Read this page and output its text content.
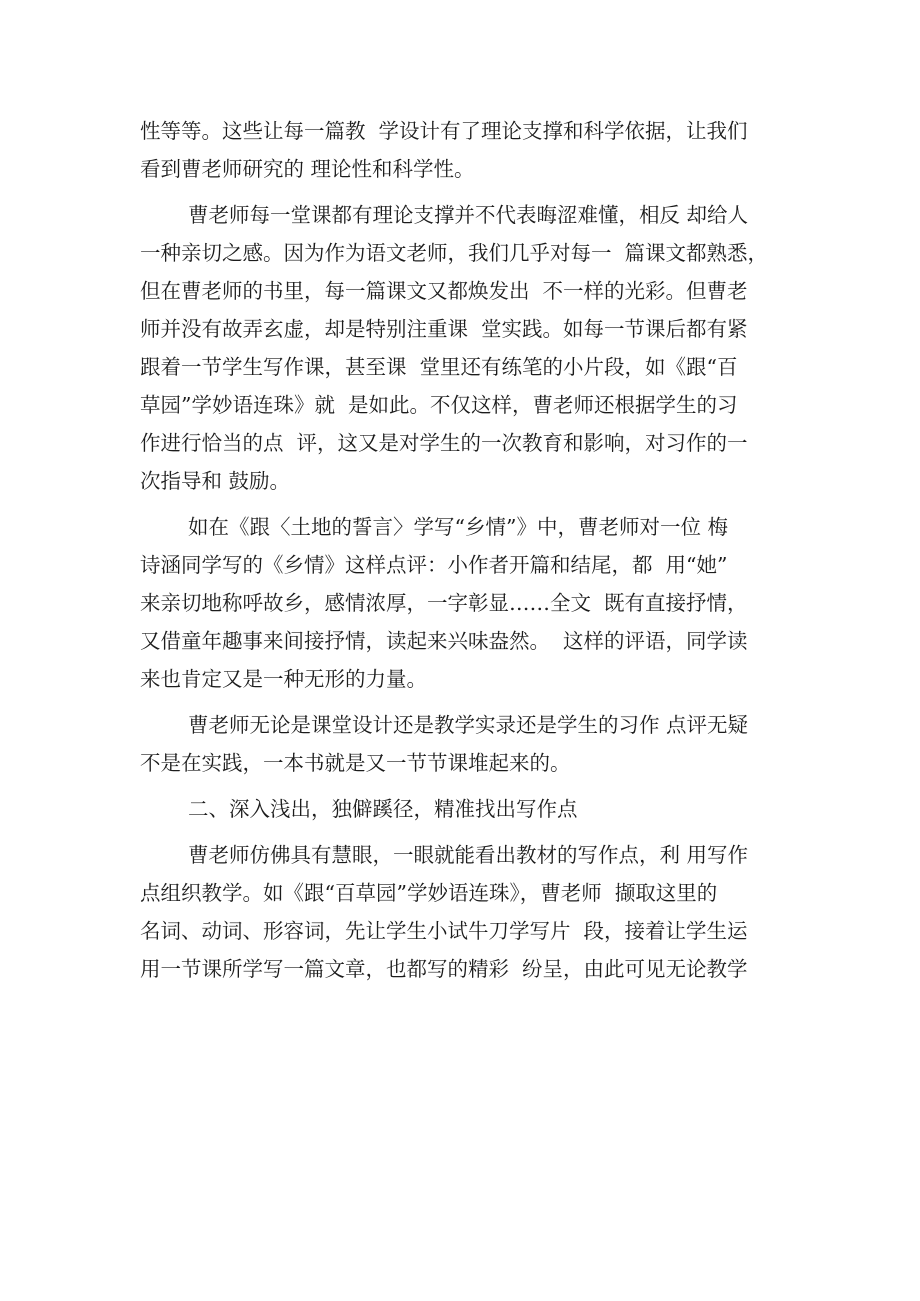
性等等。这些让每一篇教  学设计有了理论支撑和科学依据，让我们
看到曹老师研究的 理论性和科学性。
曹老师每一堂课都有理论支撑并不代表晦涩难懂，相反 却给人
一种亲切之感。因为作为语文老师，我们几乎对每一  篇课文都熟悉，
但在曹老师的书里，每一篇课文又都焕发出  不一样的光彩。但曹老
师并没有故弄玄虚，却是特别注重课  堂实践。如每一节课后都有紧
跟着一节学生写作课，甚至课  堂里还有练笔的小片段，如《跟“百
草园”学妙语连珠》就  是如此。不仅这样，曹老师还根据学生的习
作进行恰当的点  评，这又是对学生的一次教育和影响，对习作的一
次指导和 鼓励。
如在《跟〈土地的誓言〉学写“乡情”》中，曹老师对一位 梅
诗涵同学写的《乡情》这样点评：小作者开篇和结尾，都  用“她”
来亲切地称呼故乡，感情浓厚，一字彰显……全文  既有直接抒情，
又借童年趣事来间接抒情，读起来兴味盎然。  这样的评语，同学读
来也肯定又是一种无形的力量。
曹老师无论是课堂设计还是教学实录还是学生的习作 点评无疑
不是在实践，一本书就是又一节节课堆起来的。
二、深入浅出，独僻蹊径，精准找出写作点
曹老师仿佛具有慧眼，一眼就能看出教材的写作点，利 用写作
点组织教学。如《跟“百草园”学妙语连珠》，曹老师  撷取这里的
名词、动词、形容词，先让学生小试牛刀学写片  段，接着让学生运
用一节课所学写一篇文章，也都写的精彩  纷呈，由此可见无论教学
